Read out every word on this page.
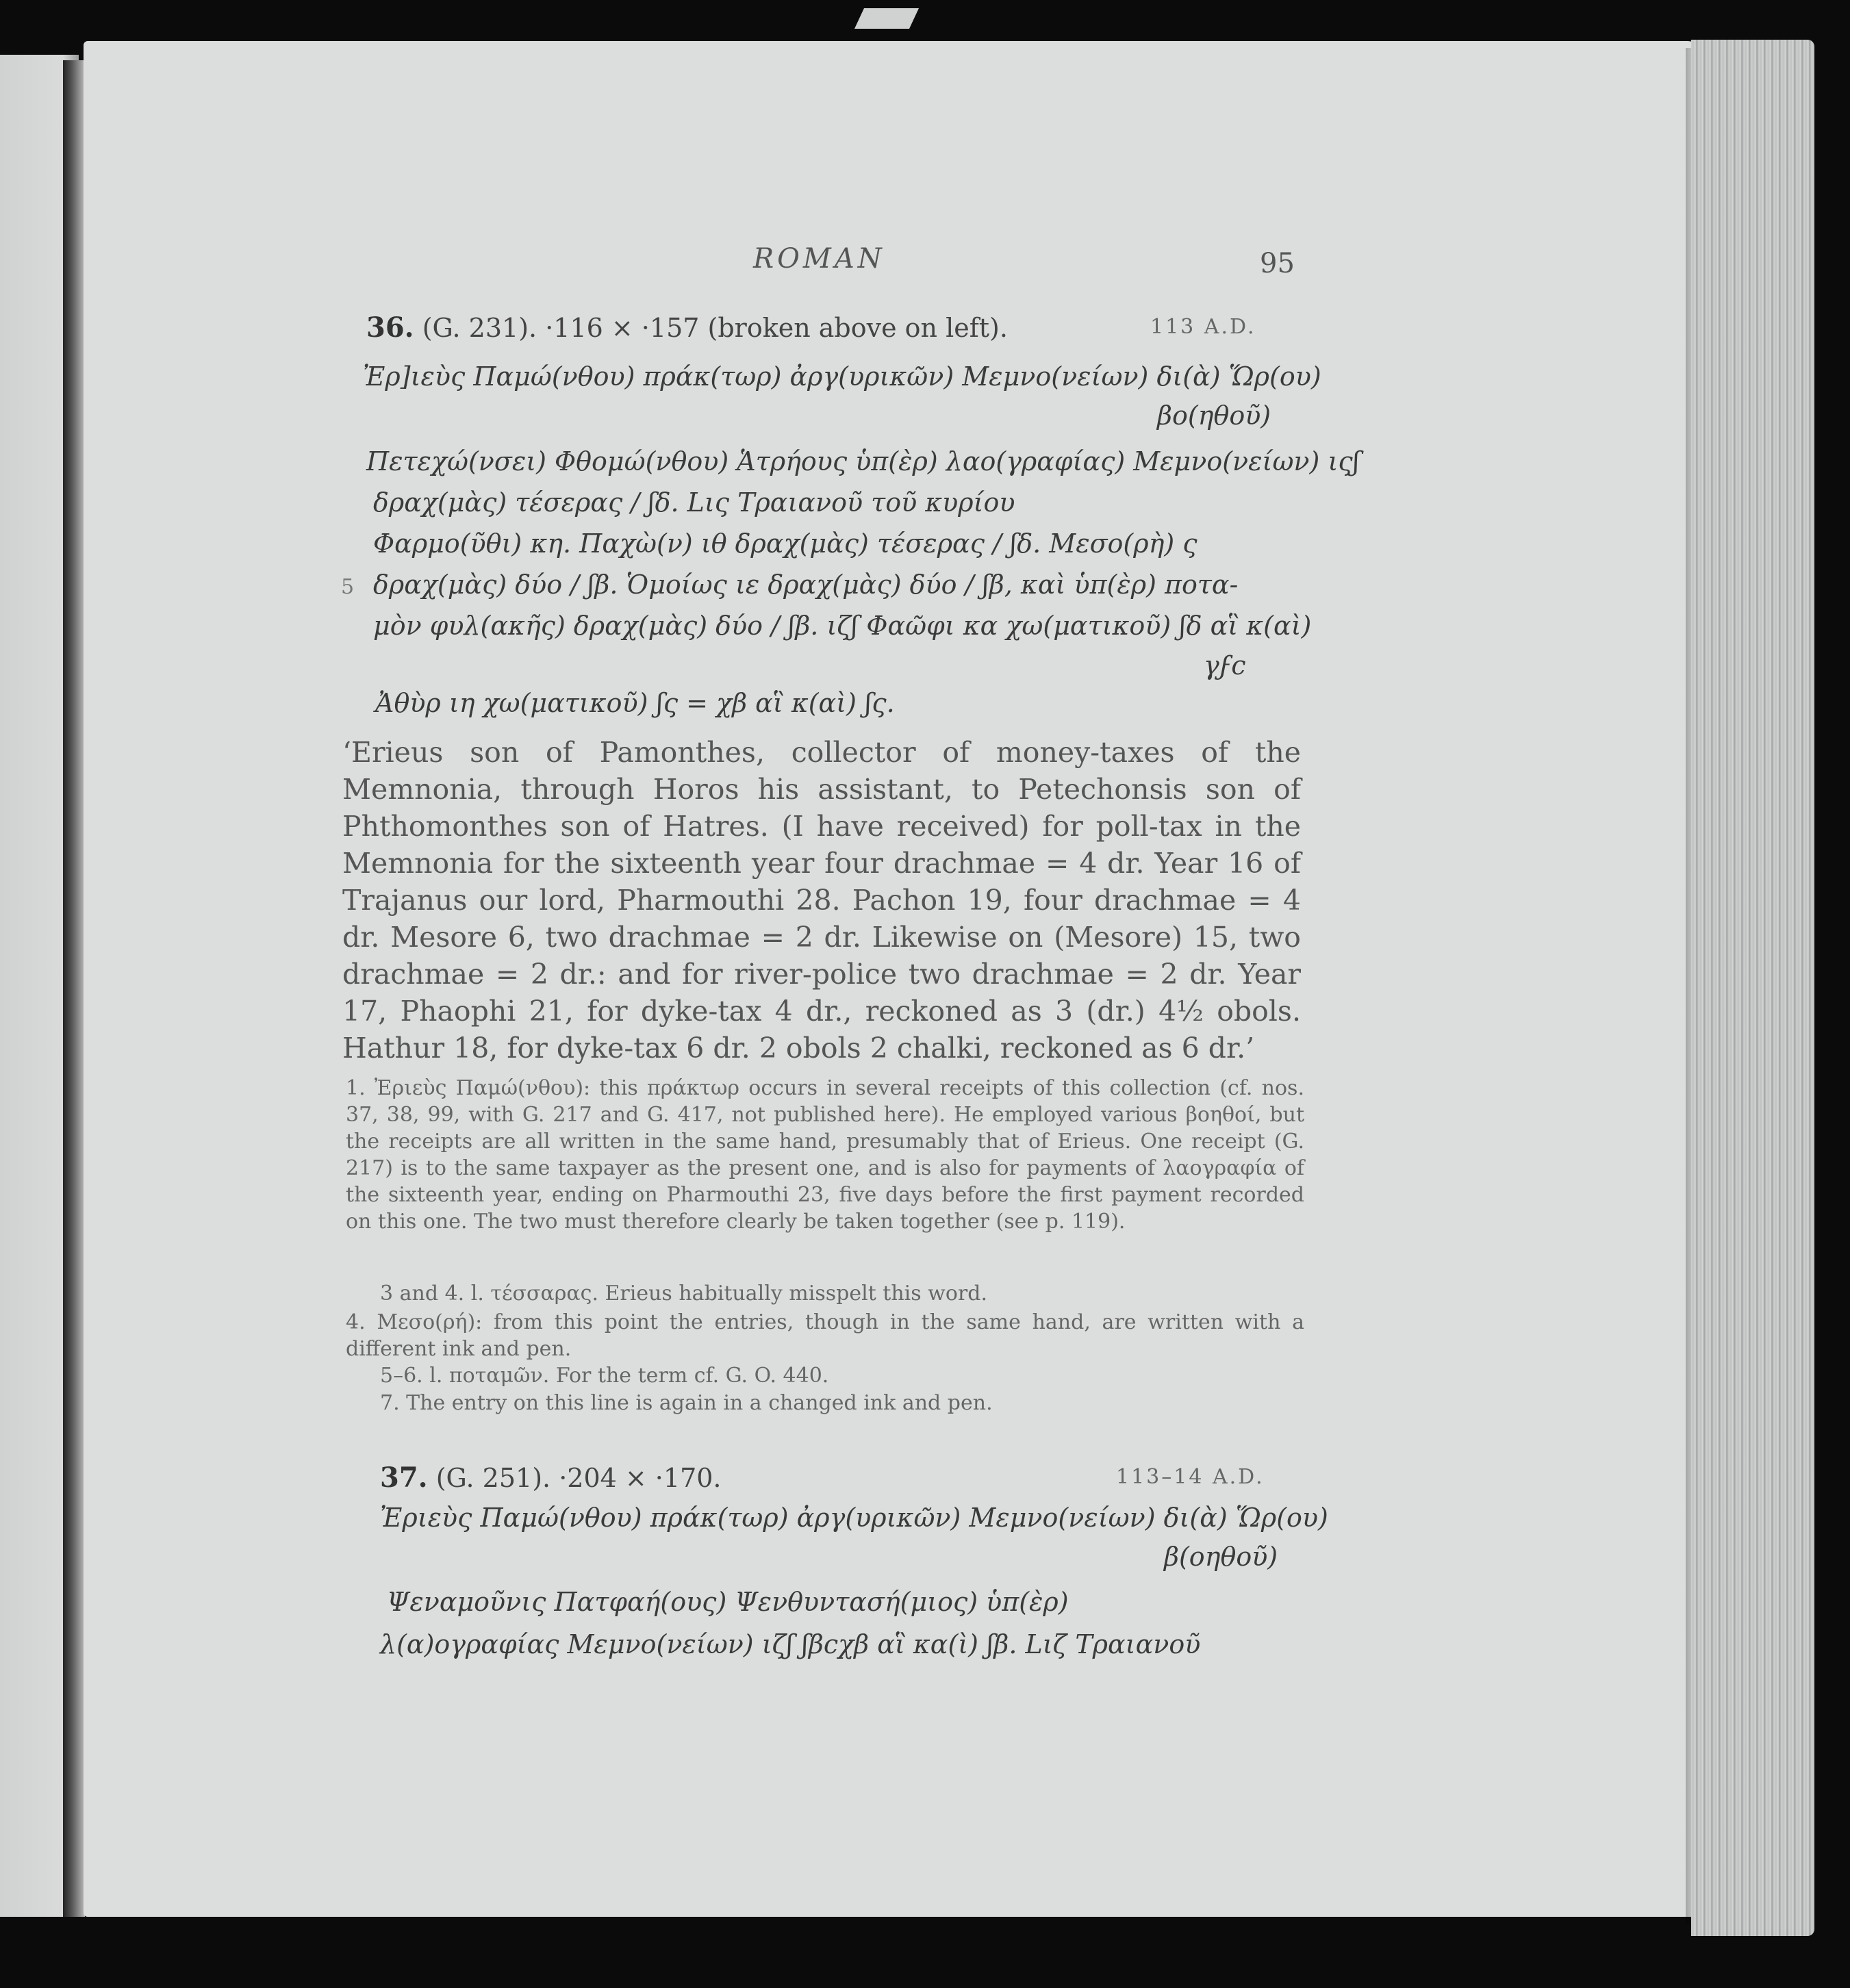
ROMAN	95
36. (G. 231). ·116 × ·157 (broken above on left).	113 A.D.
Ἐρ]ιεὺς Παμώ(νθου) πράκ(τωρ) ἀργ(υρικῶν) Μεμνο(νείων) δι(ὰ) Ὥρ(ου)
βο(ηθοῦ)
Πετεχώ(νσει) Φθομώ(νθου) Ἁτρήους ὑπ(ὲρ) λαο(γραφίας) Μεμνο(νείων) ιςʃ
δραχ(μὰς) τέσερας / ʃδ. Lις Τραιανοῦ τοῦ κυρίου
Φαρμο(ῦθι) κη. Παχὼ(ν) ιθ δραχ(μὰς) τέσερας / ʃδ. Μεσο(ρὴ) ς
5 δραχ(μὰς) δύο / ʃβ. Ὁμοίως ιε δραχ(μὰς) δύο / ʃβ, καὶ ὑπ(ὲρ) ποτα-
μὸν φυλ(ακῆς) δραχ(μὰς) δύο / ʃβ. ιζʃ Φαῶφι κα χω(ματικοῦ) ʃδ αἳ κ(αὶ)
γϝc
Ἀθὺρ ιη χω(ματικοῦ) ʃς = χβ αἳ κ(αὶ) ʃς.

‘Erieus son of Pamonthes, collector of money-taxes of the Memnonia, through Horos his assistant, to Petechonsis son of Phthomonthes son of Hatres. (I have received) for poll-tax in the Memnonia for the sixteenth year four drachmae = 4 dr. Year 16 of Trajanus our lord, Pharmouthi 28. Pachon 19, four drachmae = 4 dr. Mesore 6, two drachmae = 2 dr. Likewise on (Mesore) 15, two drachmae = 2 dr.: and for river-police two drachmae = 2 dr. Year 17, Phaophi 21, for dyke-tax 4 dr., reckoned as 3 (dr.) 4½ obols. Hathur 18, for dyke-tax 6 dr. 2 obols 2 chalki, reckoned as 6 dr.’

1. Ἐριεὺς Παμώ(νθου): this πράκτωρ occurs in several receipts of this collection (cf. nos. 37, 38, 99, with G. 217 and G. 417, not published here). He employed various βοηθοί, but the receipts are all written in the same hand, presumably that of Erieus. One receipt (G. 217) is to the same taxpayer as the present one, and is also for payments of λαογραφία of the sixteenth year, ending on Pharmouthi 23, five days before the first payment recorded on this one. The two must therefore clearly be taken together (see p. 119).

3 and 4. l. τέσσαρας. Erieus habitually misspelt this word.

4. Μεσο(ρή): from this point the entries, though in the same hand, are written with a different ink and pen.

5–6. l. ποταμῶν. For the term cf. G. O. 440.
7. The entry on this line is again in a changed ink and pen.
37. (G. 251). ·204 × ·170.	113–14 A.D.
Ἐριεὺς Παμώ(νθου) πράκ(τωρ) ἀργ(υρικῶν) Μεμνο(νείων) δι(ὰ) Ὥρ(ου)
β(οηθοῦ)
Ψεναμοῦνις Πατφαή(ους) Ψενθυντασή(μιος) ὑπ(ὲρ)
λ(α)ογραφίας Μεμνο(νείων) ιζʃ ʃβcχβ αἳ κα(ὶ) ʃβ. Lιζ Τραιανοῦ
